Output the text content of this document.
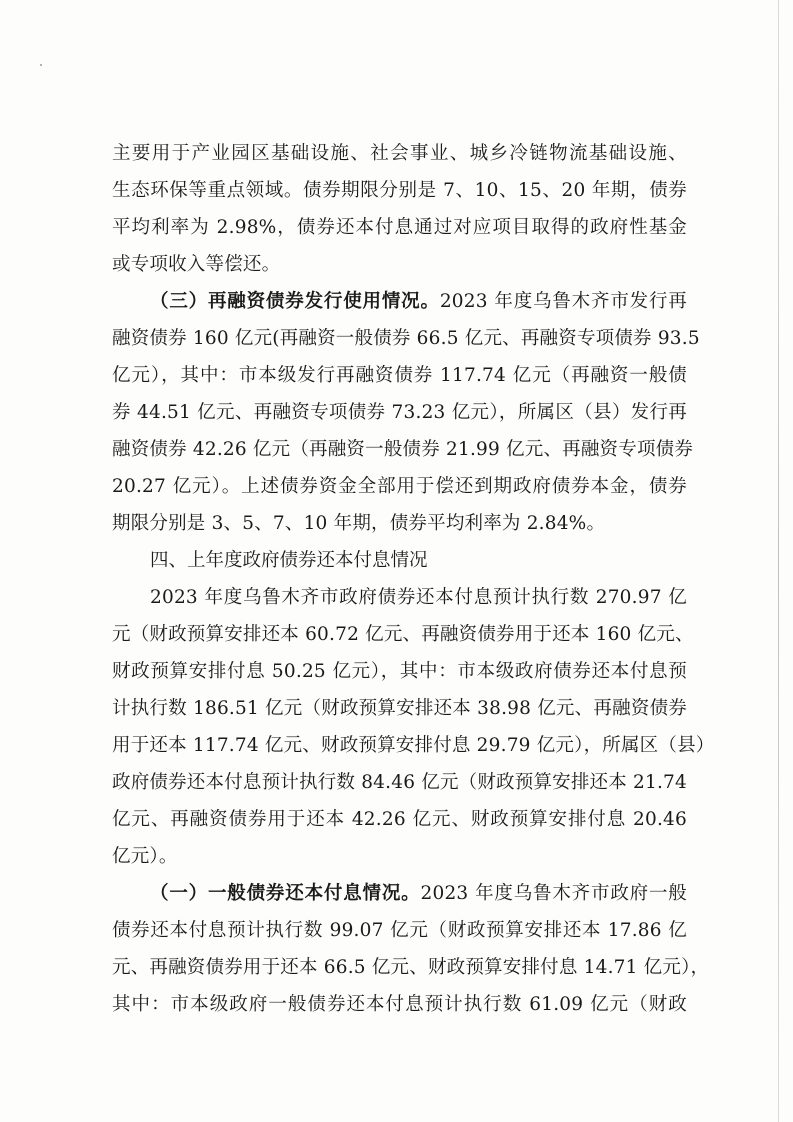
主要用于产业园区基础设施、社会事业、城乡冷链物流基础设施、
生态环保等重点领域。债券期限分别是 7、10、15、20 年期，债券
平均利率为 2.98%，债券还本付息通过对应项目取得的政府性基金
或专项收入等偿还。
（三）再融资债券发行使用情况。2023 年度乌鲁木齐市发行再
融资债券 160 亿元(再融资一般债券 66.5 亿元、再融资专项债券 93.5
亿元），其中：市本级发行再融资债券 117.74 亿元（再融资一般债
券 44.51 亿元、再融资专项债券 73.23 亿元），所属区（县）发行再
融资债券 42.26 亿元（再融资一般债券 21.99 亿元、再融资专项债券
20.27 亿元）。上述债券资金全部用于偿还到期政府债券本金，债券
期限分别是 3、5、7、10 年期，债券平均利率为 2.84%。
四、上年度政府债券还本付息情况
2023 年度乌鲁木齐市政府债券还本付息预计执行数 270.97 亿
元（财政预算安排还本 60.72 亿元、再融资债券用于还本 160 亿元、
财政预算安排付息 50.25 亿元），其中：市本级政府债券还本付息预
计执行数 186.51 亿元（财政预算安排还本 38.98 亿元、再融资债券
用于还本 117.74 亿元、财政预算安排付息 29.79 亿元），所属区（县）
政府债券还本付息预计执行数 84.46 亿元（财政预算安排还本 21.74
亿元、再融资债券用于还本 42.26 亿元、财政预算安排付息 20.46
亿元）。
（一）一般债券还本付息情况。2023 年度乌鲁木齐市政府一般
债券还本付息预计执行数 99.07 亿元（财政预算安排还本 17.86 亿
元、再融资债券用于还本 66.5 亿元、财政预算安排付息 14.71 亿元），
其中：市本级政府一般债券还本付息预计执行数 61.09 亿元（财政
